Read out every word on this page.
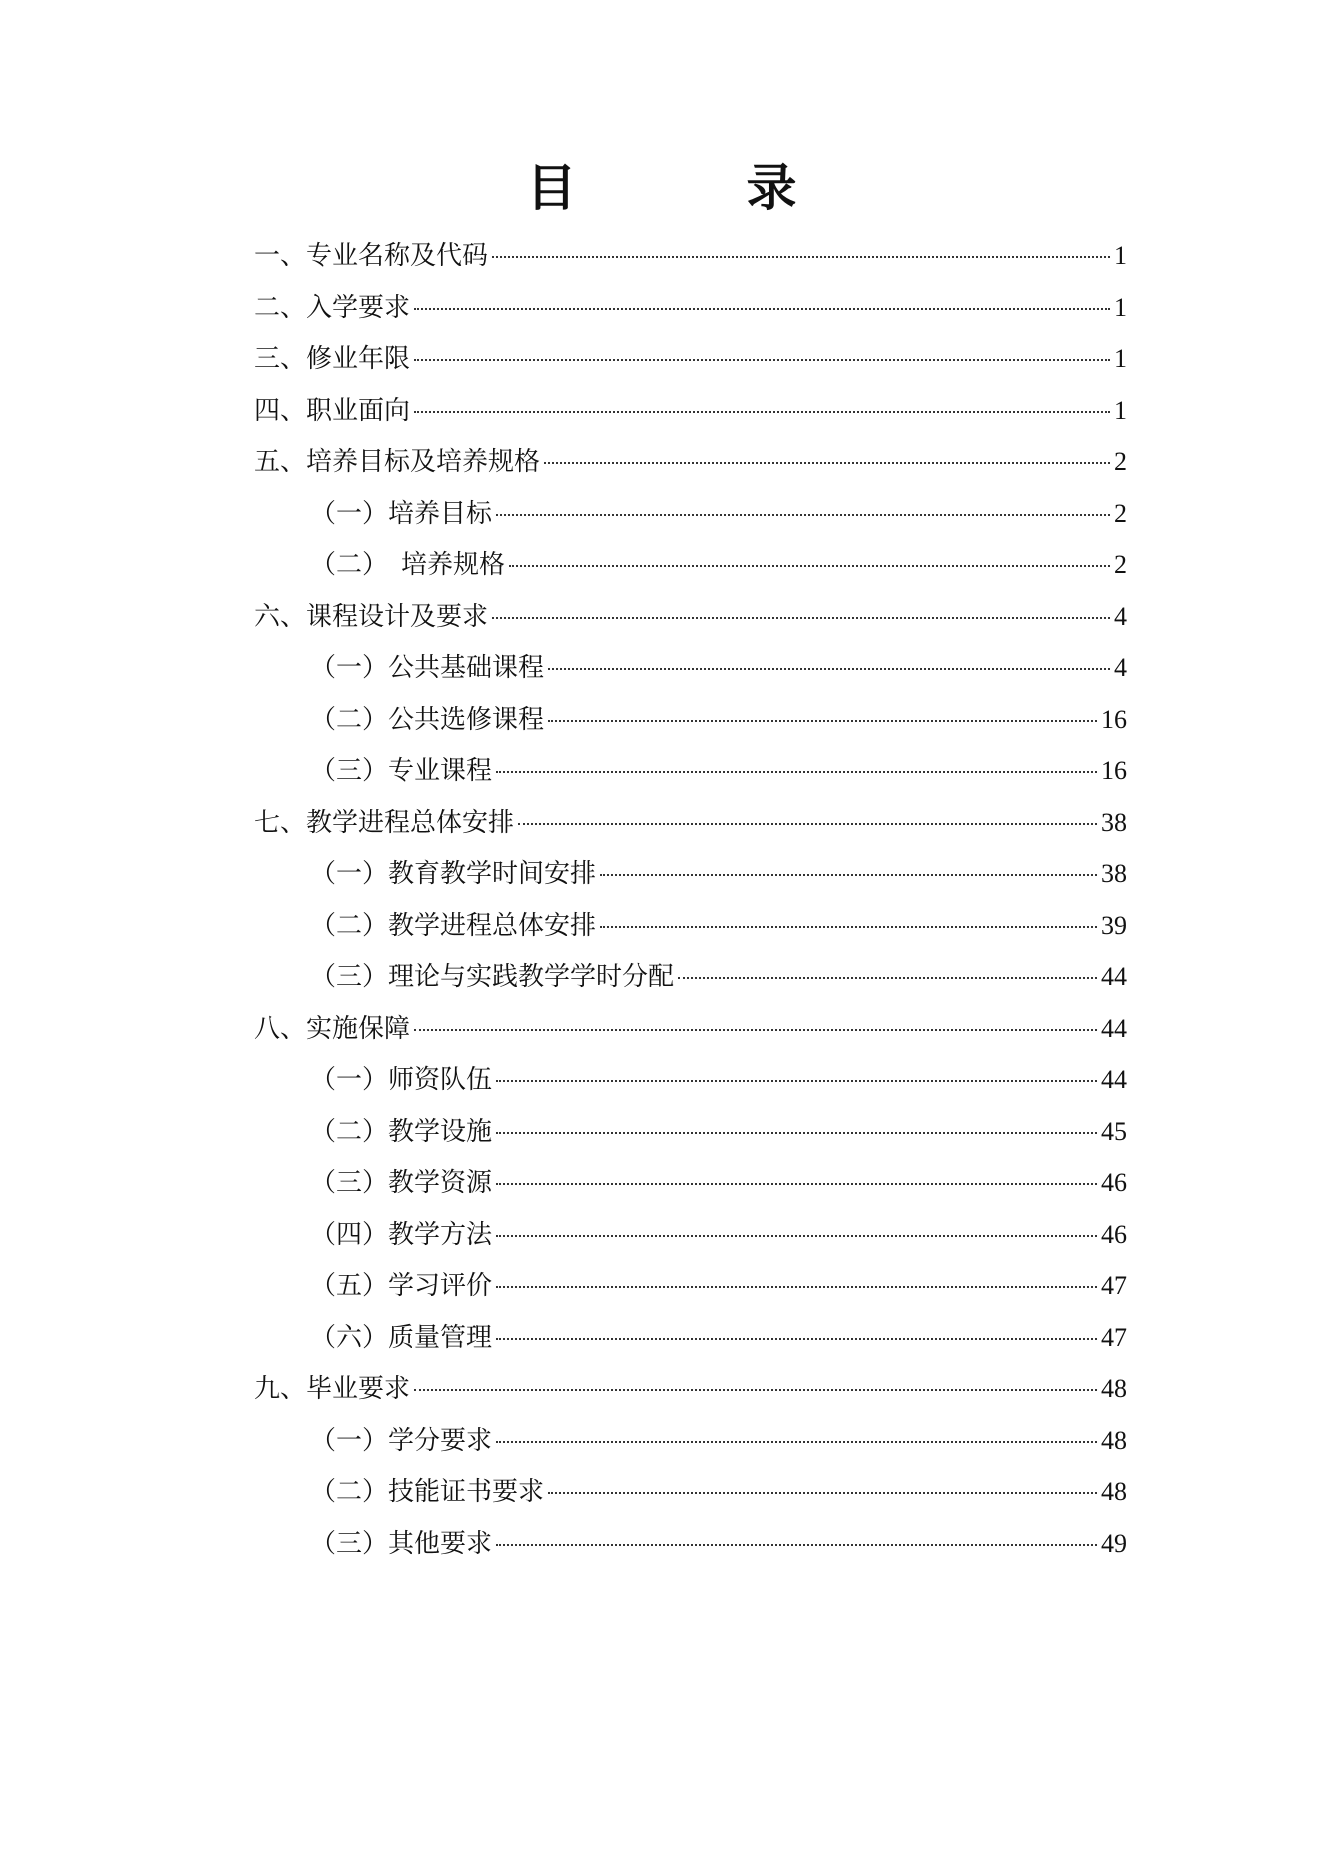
目　录
一、专业名称及代码	1
二、入学要求	1
三、修业年限	1
四、职业面向	1
五、培养目标及培养规格	2
（一）培养目标	2
（二）　培养规格	2
六、课程设计及要求	4
（一）公共基础课程	4
（二）公共选修课程	16
（三）专业课程	16
七、教学进程总体安排	38
（一）教育教学时间安排	38
（二）教学进程总体安排	39
（三）理论与实践教学学时分配	44
八、实施保障	44
（一）师资队伍	44
（二）教学设施	45
（三）教学资源	46
（四）教学方法	46
（五）学习评价	47
（六）质量管理	47
九、毕业要求	48
（一）学分要求	48
（二）技能证书要求	48
（三）其他要求	49
